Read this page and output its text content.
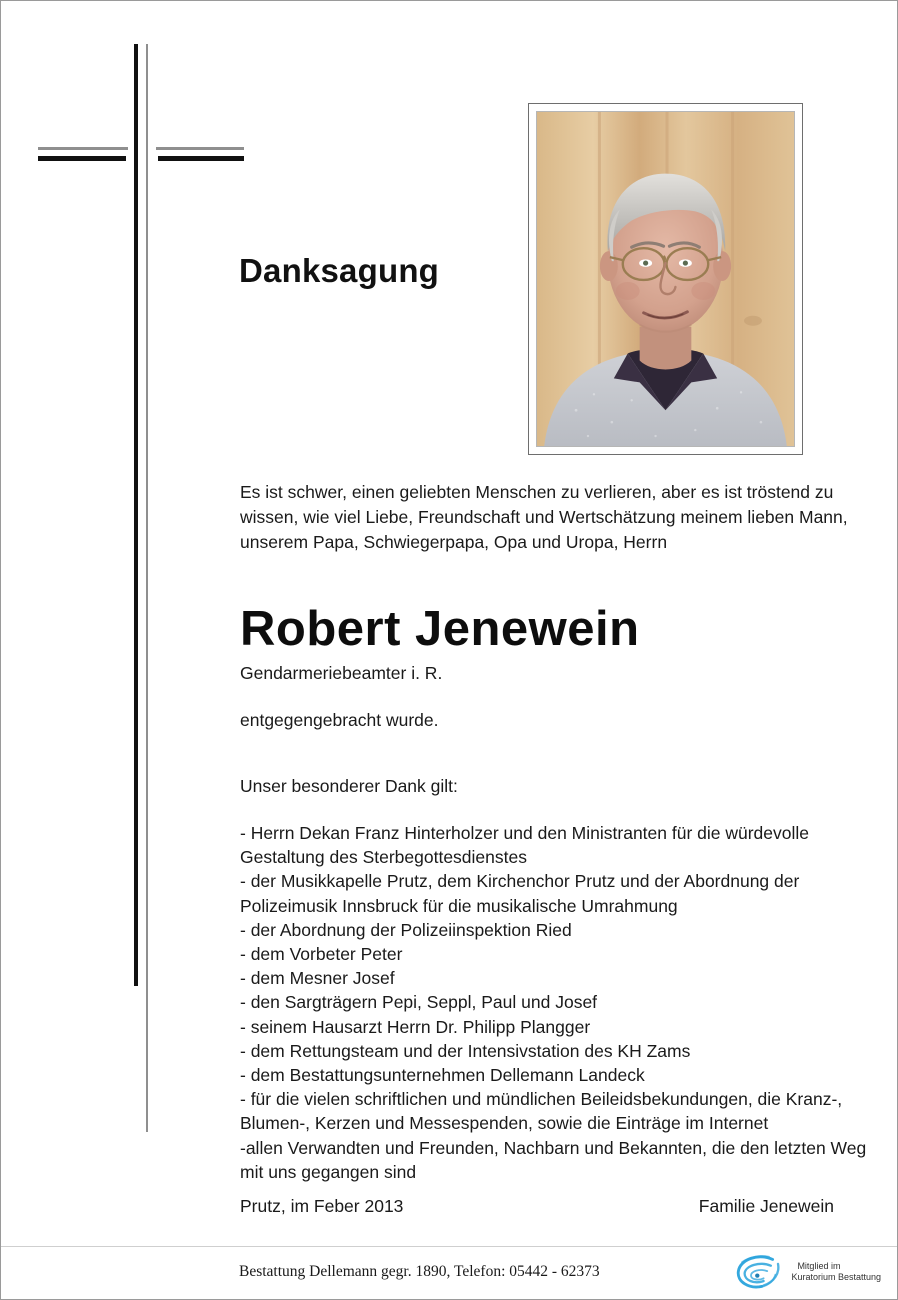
Danksagung
Es ist schwer, einen geliebten Menschen zu verlieren, aber es ist tröstend zu wissen, wie viel Liebe, Freundschaft und Wertschätzung meinem lieben Mann, unserem Papa, Schwiegerpapa, Opa und Uropa, Herrn
Robert Jenewein
Gendarmeriebeamter i. R.
entgegengebracht wurde.
Unser besonderer Dank gilt:

- Herrn Dekan Franz Hinterholzer und den Ministranten für die würdevolle Gestaltung des Sterbegottesdienstes

- der Musikkapelle Prutz, dem Kirchenchor Prutz und der Abordnung der Polizeimusik Innsbruck für die musikalische Umrahmung

- der Abordnung der Polizeiinspektion Ried

- dem Vorbeter Peter

- dem Mesner Josef

- den Sargträgern Pepi, Seppl, Paul und Josef

- seinem Hausarzt Herrn Dr. Philipp Plangger

- dem Rettungsteam und der Intensivstation des KH Zams

- dem Bestattungsunternehmen Dellemann Landeck

- für die vielen schriftlichen und mündlichen Beileidsbekundungen, die Kranz-, Blumen-, Kerzen und Messespenden, sowie die Einträge im Internet

-allen Verwandten und Freunden, Nachbarn und Bekannten, die den letzten Weg mit uns gegangen sind

Prutz, im Feber 2013	Familie Jenewein
Bestattung Dellemann gegr. 1890, Telefon: 05442 - 62373	Mitglied im
Kuratorium Bestattung
